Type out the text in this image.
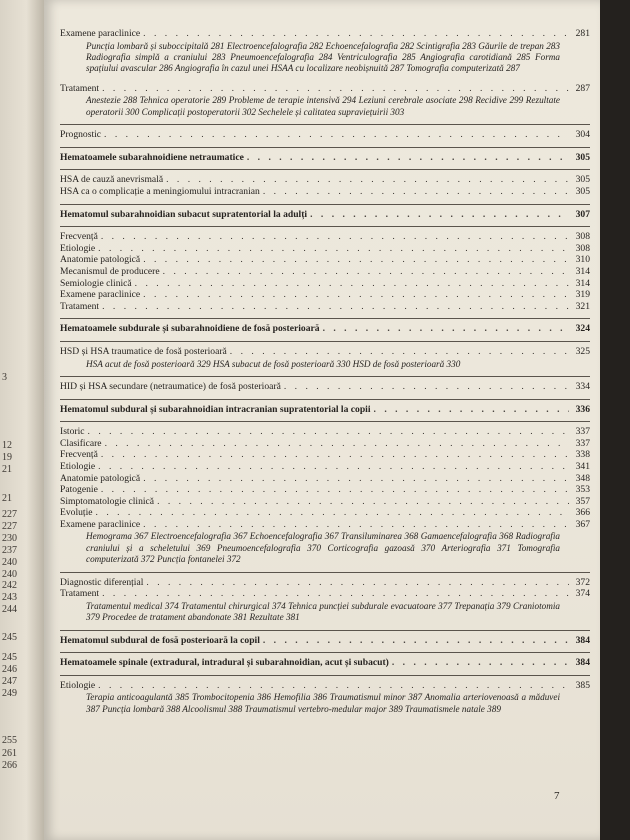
3
12
19
21
21
227
227
230
237
240
240
242
243
244
245
245
246
247
249
255
261
266
Examene paraclinice . . .	281
Puncția lombară și suboccipitală 281 Electroencefalografia 282 Echoencefalografia 282 Scintigrafia 283 Găurile de trepan 283 Radiografia simplă a craniului 283 Pneumoencefalografia 284 Ventriculografia 285 Angiografia carotidiană 285 Forma spațiului avascular 286 Angiografia în cazul unei HSAA cu localizare neobișnuită 287 Tomografia computerizată 287
Tratament . . .	287
Anestezie 288 Tehnica operatorie 289 Probleme de terapie intensivă 294 Leziuni cerebrale asociate 298 Recidive 299 Rezultate operatorii 300 Complicații postoperatorii 302 Sechelele și calitatea supraviețuirii 303
Prognostic . . .	304
Hematoamele subarahnoidiene netraumatice . . .	305
HSA de cauză anevrismală . . .	305
HSA ca o complicație a meningiomului intracranian . . .	305
Hematomul subarahnoidian subacut supratentorial la adulți . . .	307
Frecvență . . .	308
Etiologie . . .	308
Anatomie patologică . . .	310
Mecanismul de producere . . .	314
Semiologie clinică . . .	314
Examene paraclinice . . .	319
Tratament . . .	321
Hematoamele subdurale și subarahnoidiene de fosă posterioară . . .	324
HSD și HSA traumatice de fosă posterioară . . .	325
HSA acut de fosă posterioară 329 HSA subacut de fosă posterioară 330 HSD de fosă posterioară 330
HID și HSA secundare (netraumatice) de fosă posterioară . . .	334
Hematomul subdural și subarahnoidian intracranian supratentorial la copii . . .	336
Istoric . . .	337
Clasificare . . .	337
Frecvență . . .	338
Etiologie . . .	341
Anatomie patologică . . .	348
Patogenie . . .	353
Simptomatologie clinică . . .	357
Evoluție . . .	366
Examene paraclinice . . .	367
Hemograma 367 Electroencefalografia 367 Echoencefalografia 367 Transiluminarea 368 Gamaencefalografia 368 Radiografia craniului și a scheletului 369 Pneumoencefalografia 370 Corticografia gazoasă 370 Arteriografia 371 Tomografia computerizată 372 Puncția fontanelei 372
Diagnostic diferențial . . .	372
Tratament . . .	374
Tratamentul medical 374 Tratamentul chirurgical 374 Tehnica puncției subdurale evacuatoare 377 Trepanația 379 Craniotomia 379 Procedee de tratament abandonate 381 Rezultate 381
Hematomul subdural de fosă posterioară la copil . . .	384
Hematoamele spinale (extradural, intradural și subarahnoidian, acut și subacut) . . .	384
Etiologie . . .	385
Terapia anticoagulantă 385 Trombocitopenia 386 Hemofilia 386 Traumatismul minor 387 Anomalia arteriovenoasă a măduvei 387 Puncția lombară 388 Alcoolismul 388 Traumatismul vertebro-medular major 389 Traumatismele natale 389
7
